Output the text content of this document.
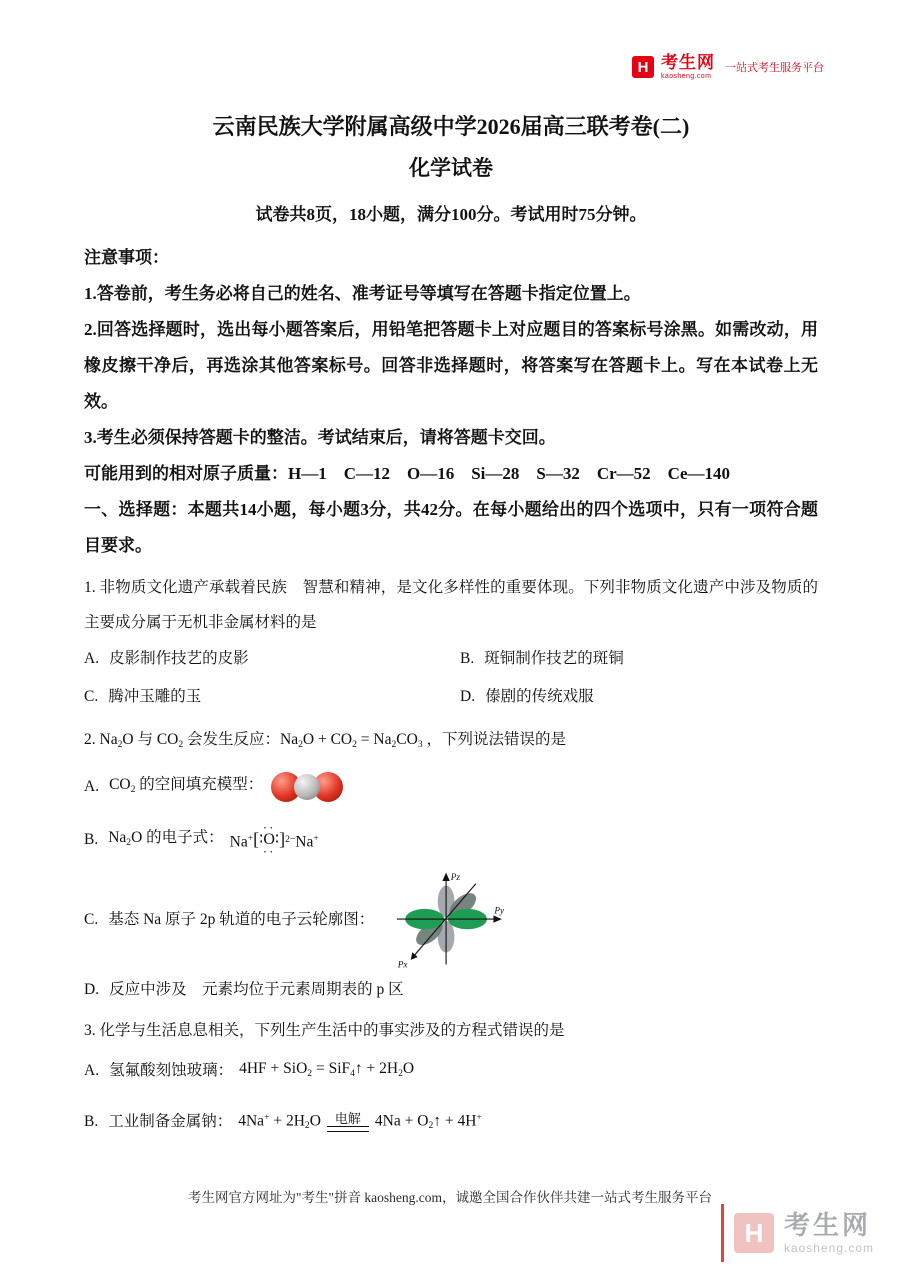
H 考生网
kaosheng.com
一站式考生服务平台
云南民族大学附属高级中学2026届高三联考卷(二)
化学试卷

试卷共8页，18小题，满分100分。考试用时75分钟。

注意事项：

1.答卷前，考生务必将自己的姓名、准考证号等填写在答题卡指定位置上。

2.回答选择题时，选出每小题答案后，用铅笔把答题卡上对应题目的答案标号涂黑。如需改动，用橡皮擦干净后，再选涂其他答案标号。回答非选择题时，将答案写在答题卡上。写在本试卷上无效。

3.考生必须保持答题卡的整洁。考试结束后，请将答题卡交回。

可能用到的相对原子质量：H—1　C—12　O—16　Si—28　S—32　Cr—52　Ce—140

一、选择题：本题共14小题，每小题3分，共42分。在每小题给出的四个选项中，只有一项符合题目要求。

1. 非物质文化遗产承载着民族　智慧和精神，是文化多样性的重要体现。下列非物质文化遗产中涉及物质的主要成分属于无机非金属材料的是

A. 皮影制作技艺的皮影	B. 斑铜制作技艺的斑铜

C. 腾冲玉雕的玉	D. 傣剧的传统戏服

2. $Na_2O$ 与 $CO_2$ 会发生反应：$Na_2O + CO_2 = Na_2CO_3$ ，下列说法错误的是

A. $CO_2$ 的空间填充模型：
B. $Na_2O$ 的电子式： Na+ [
··
∶O∶
··
] 2− Na+
C. 基态 Na 原子 2p 轨道的电子云轮廓图：
Pz
Py
Px

D. 反应中涉及　元素均位于元素周期表的 p 区

3. 化学与生活息息相关，下列生产生活中的事实涉及的方程式错误的是

A. 氢氟酸刻蚀玻璃： 4HF + SiO$_2$ = SiF$_4$↑ + $2H_2O$
B. 工业制备金属钠： $4Na^+ + 2H_2O$ 电解 $4Na + O_2↑ + 4H^+$

考生网官方网址为"考生"拼音 kaosheng.com，诚邀全国合作伙伴共建一站式考生服务平台

H 考生网
kaosheng.com
